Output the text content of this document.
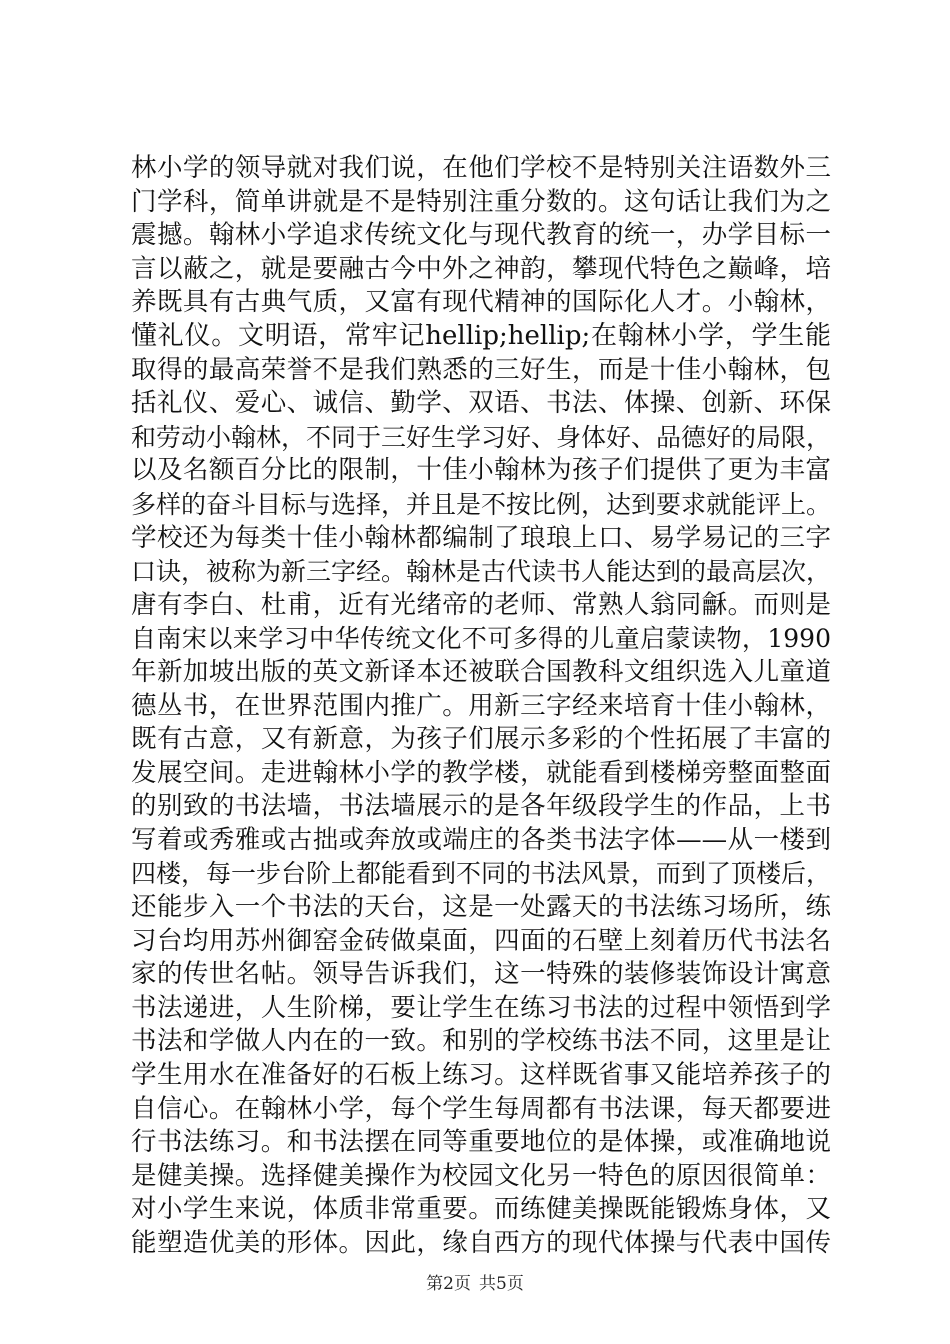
林小学的领导就对我们说，在他们学校不是特别关注语数外三
门学科，简单讲就是不是特别注重分数的。这句话让我们为之
震撼。翰林小学追求传统文化与现代教育的统一，办学目标一
言以蔽之，就是要融古今中外之神韵，攀现代特色之巅峰，培
养既具有古典气质，又富有现代精神的国际化人才。小翰林，
懂礼仪。文明语，常牢记hellip;hellip;在翰林小学，学生能
取得的最高荣誉不是我们熟悉的三好生，而是十佳小翰林，包
括礼仪、爱心、诚信、勤学、双语、书法、体操、创新、环保
和劳动小翰林，不同于三好生学习好、身体好、品德好的局限，
以及名额百分比的限制，十佳小翰林为孩子们提供了更为丰富
多样的奋斗目标与选择，并且是不按比例，达到要求就能评上。
学校还为每类十佳小翰林都编制了琅琅上口、易学易记的三字
口诀，被称为新三字经。翰林是古代读书人能达到的最高层次，
唐有李白、杜甫，近有光绪帝的老师、常熟人翁同龢。而则是
自南宋以来学习中华传统文化不可多得的儿童启蒙读物，1990
年新加坡出版的英文新译本还被联合国教科文组织选入儿童道
德丛书，在世界范围内推广。用新三字经来培育十佳小翰林，
既有古意，又有新意，为孩子们展示多彩的个性拓展了丰富的
发展空间。走进翰林小学的教学楼，就能看到楼梯旁整面整面
的别致的书法墙，书法墙展示的是各年级段学生的作品，上书
写着或秀雅或古拙或奔放或端庄的各类书法字体——从一楼到
四楼，每一步台阶上都能看到不同的书法风景，而到了顶楼后，
还能步入一个书法的天台，这是一处露天的书法练习场所，练
习台均用苏州御窑金砖做桌面，四面的石壁上刻着历代书法名
家的传世名帖。领导告诉我们，这一特殊的装修装饰设计寓意
书法递进，人生阶梯，要让学生在练习书法的过程中领悟到学
书法和学做人内在的一致。和别的学校练书法不同，这里是让
学生用水在准备好的石板上练习。这样既省事又能培养孩子的
自信心。在翰林小学，每个学生每周都有书法课，每天都要进
行书法练习。和书法摆在同等重要地位的是体操，或准确地说
是健美操。选择健美操作为校园文化另一特色的原因很简单：
对小学生来说，体质非常重要。而练健美操既能锻炼身体，又
能塑造优美的形体。因此，缘自西方的现代体操与代表中国传
第2页 共5页
